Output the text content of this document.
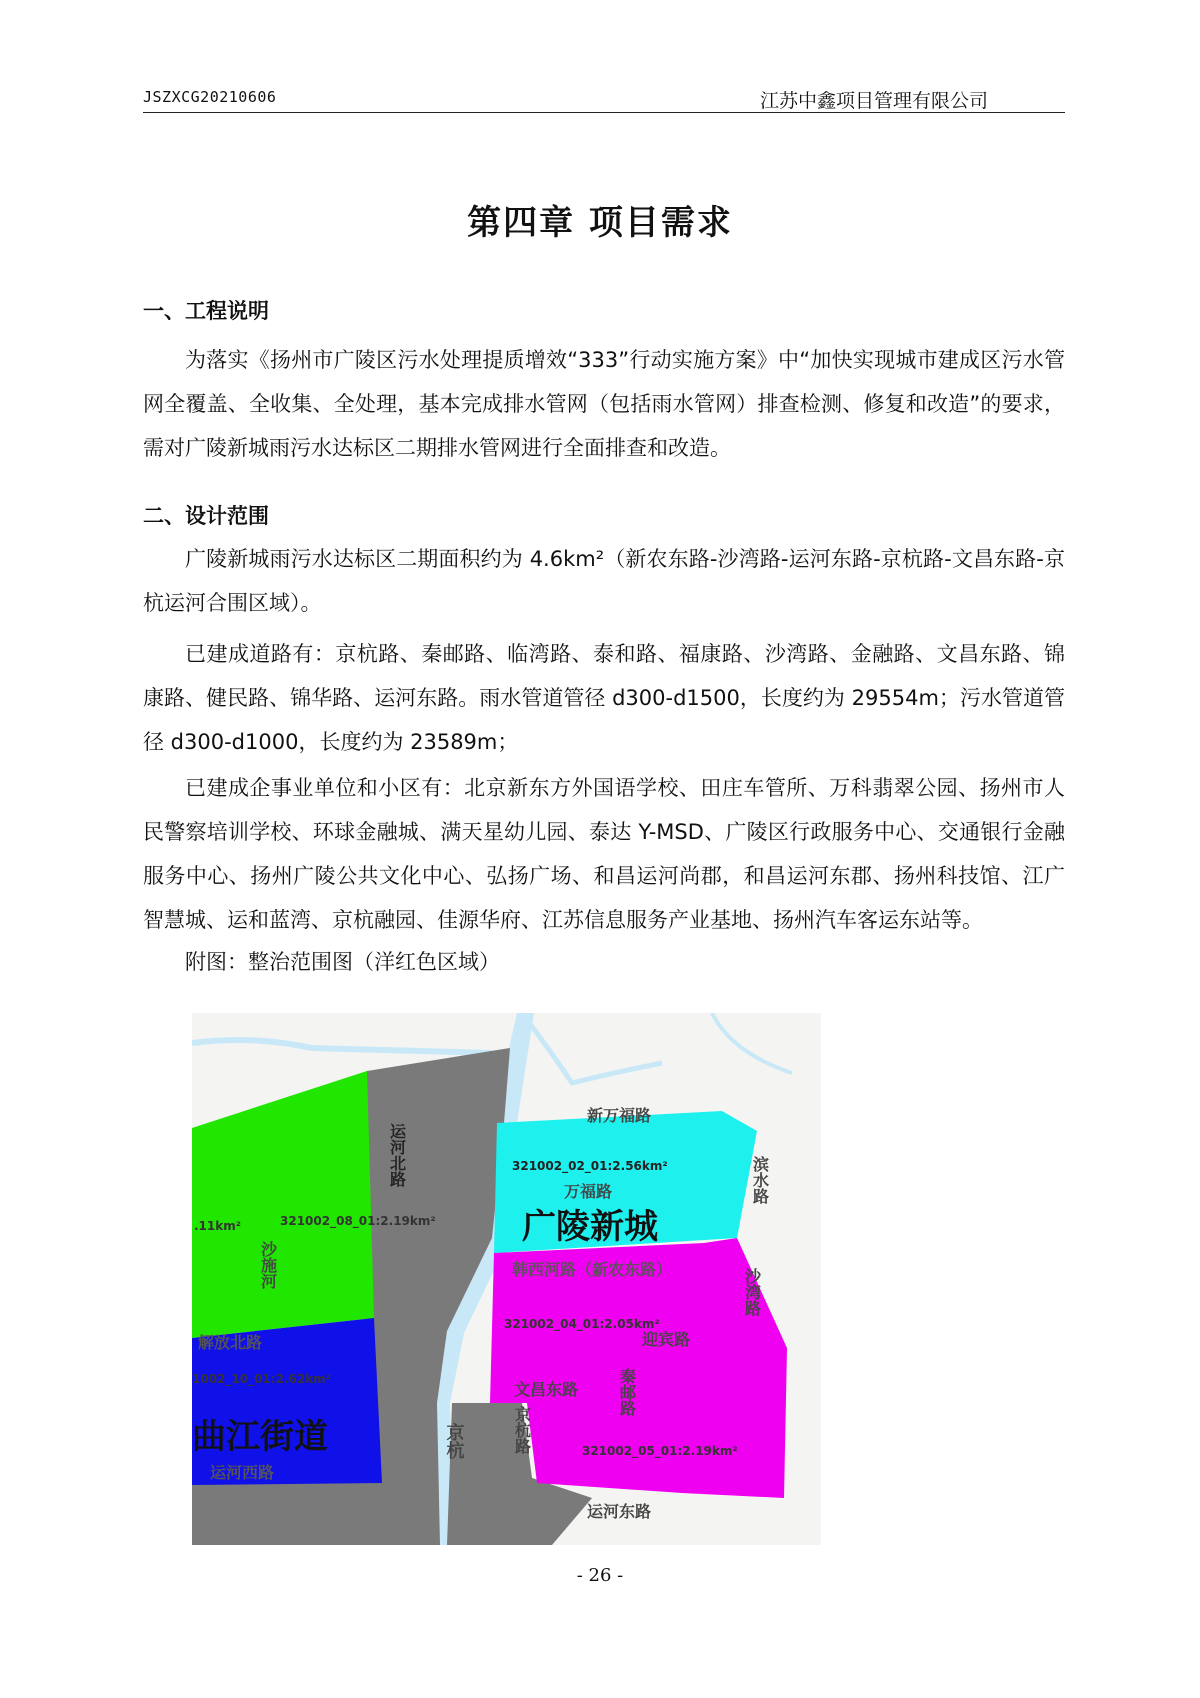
JSZXCG20210606	江苏中鑫项目管理有限公司
第四章 项目需求
一、工程说明

为落实《扬州市广陵区污水处理提质增效“333”行动实施方案》中“加快实现城市建成区污水管网全覆盖、全收集、全处理，基本完成排水管网（包括雨水管网）排查检测、修复和改造”的要求，需对广陵新城雨污水达标区二期排水管网进行全面排查和改造。

二、设计范围

广陵新城雨污水达标区二期面积约为 4.6km²（新农东路-沙湾路-运河东路-京杭路-文昌东路-京杭运河合围区域）。

已建成道路有：京杭路、秦邮路、临湾路、泰和路、福康路、沙湾路、金融路、文昌东路、锦康路、健民路、锦华路、运河东路。雨水管道管径 d300-d1500，长度约为 29554m；污水管道管径 d300-d1000，长度约为 23589m；

已建成企事业单位和小区有：北京新东方外国语学校、田庄车管所、万科翡翠公园、扬州市人民警察培训学校、环球金融城、满天星幼儿园、泰达 Y-MSD、广陵区行政服务中心、交通银行金融服务中心、扬州广陵公共文化中心、弘扬广场、和昌运河尚郡，和昌运河东郡、扬州科技馆、江广智慧城、运和蓝湾、京杭融园、佳源华府、江苏信息服务产业基地、扬州汽车客运东站等。

附图：整治范围图（洋红色区域）
新万福路
321002_02_01:2.56km²
万福路	滨水路
广陵新城
韩西河路（新农东路）	沙湾路
321002_04_01:2.05km²
迎宾路
文昌东路 秦邮路
321002_05_01:2.19km²
运河东路
运河北路
321002_08_01:2.19km²
.11km²
沙施河
解放北路
1002_10_01:2.62km²
曲江街道
运河西路
京杭	京杭路
- 26 -
